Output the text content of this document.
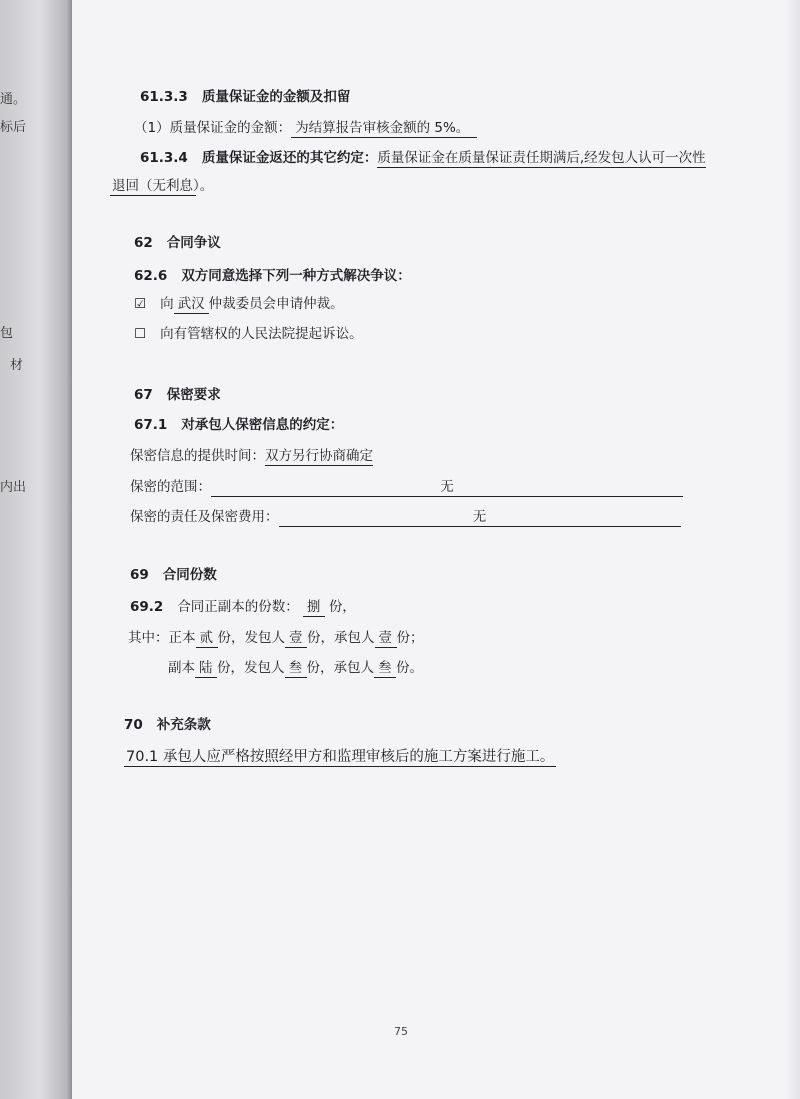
通。
标后
包
材
内出
61.3.3 质量保证金的金额及扣留
（1）质量保证金的金额： 为结算报告审核金额的 5%。
61.3.4 质量保证金返还的其它约定：质量保证金在质量保证责任期满后,经发包人认可一次性
退回（无利息）。
62 合同争议
62.6 双方同意选择下列一种方式解决争议：
☑ 向 武汉 仲裁委员会申请仲裁。
☐ 向有管辖权的人民法院提起诉讼。
67 保密要求
67.1 对承包人保密信息的约定：
保密信息的提供时间：双方另行协商确定
保密的范围：	无
保密的责任及保密费用：	无
69 合同份数
69.2 合同正副本的份数： 捌 份，
其中：正本 贰 份，发包人 壹 份，承包人 壹 份；
副本 陆 份，发包人 叁 份，承包人 叁 份。
70 补充条款
70.1 承包人应严格按照经甲方和监理审核后的施工方案进行施工。
75
